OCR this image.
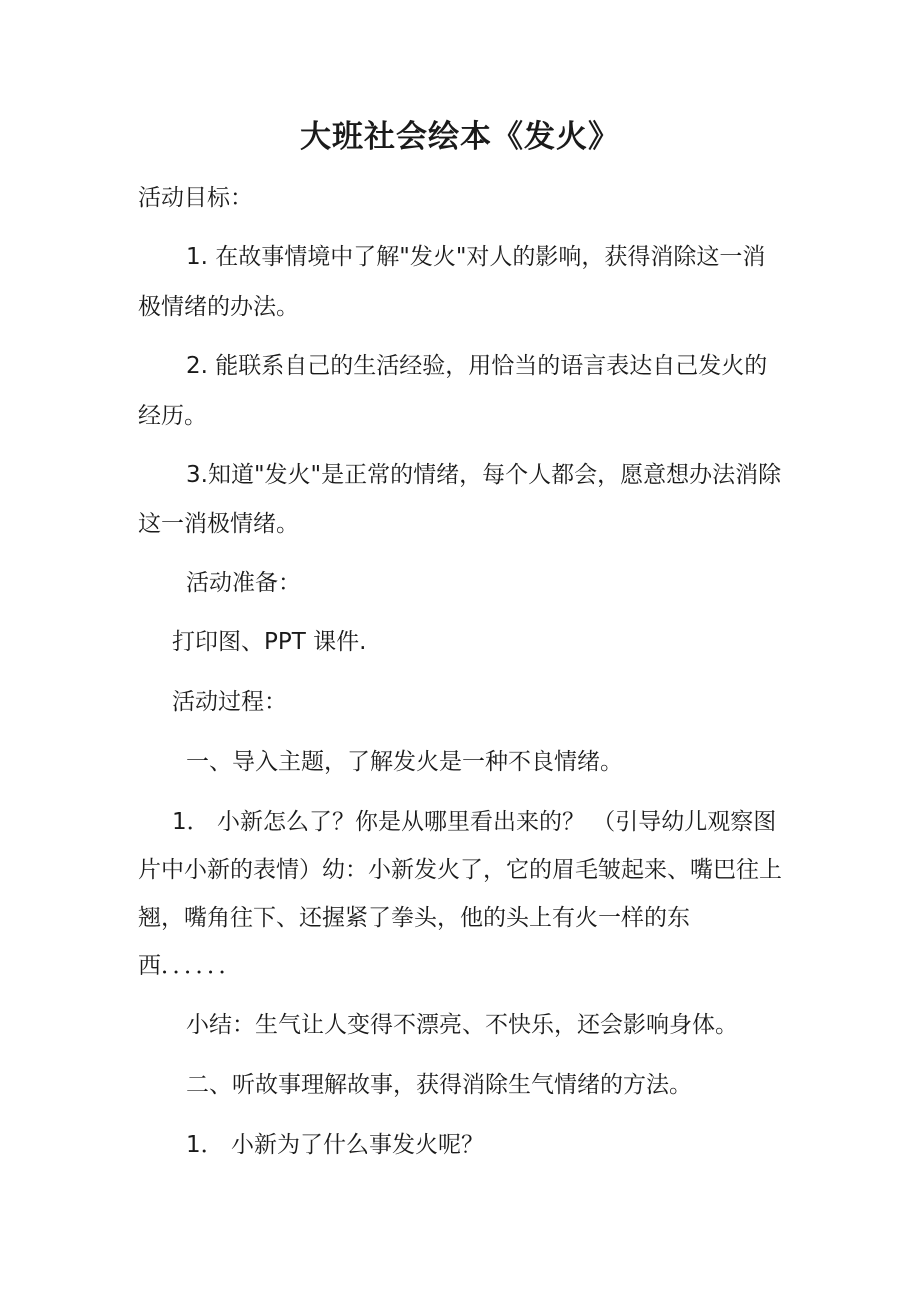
大班社会绘本《发火》
活动目标：
1. 在故事情境中了解"发火"对人的影响，获得消除这一消
极情绪的办法。
2. 能联系自己的生活经验，用恰当的语言表达自己发火的
经历。
3.知道"发火"是正常的情绪，每个人都会，愿意想办法消除
这一消极情绪。
活动准备：
打印图、PPT 课件.
活动过程：
一、导入主题，了解发火是一种不良情绪。
1． 小新怎么了？你是从哪里看出来的？ （引导幼儿观察图
片中小新的表情）幼：小新发火了，它的眉毛皱起来、嘴巴往上
翘，嘴角往下、还握紧了拳头，他的头上有火一样的东
西．．．．．．
小结：生气让人变得不漂亮、不快乐，还会影响身体。
二、听故事理解故事，获得消除生气情绪的方法。
1． 小新为了什么事发火呢？
